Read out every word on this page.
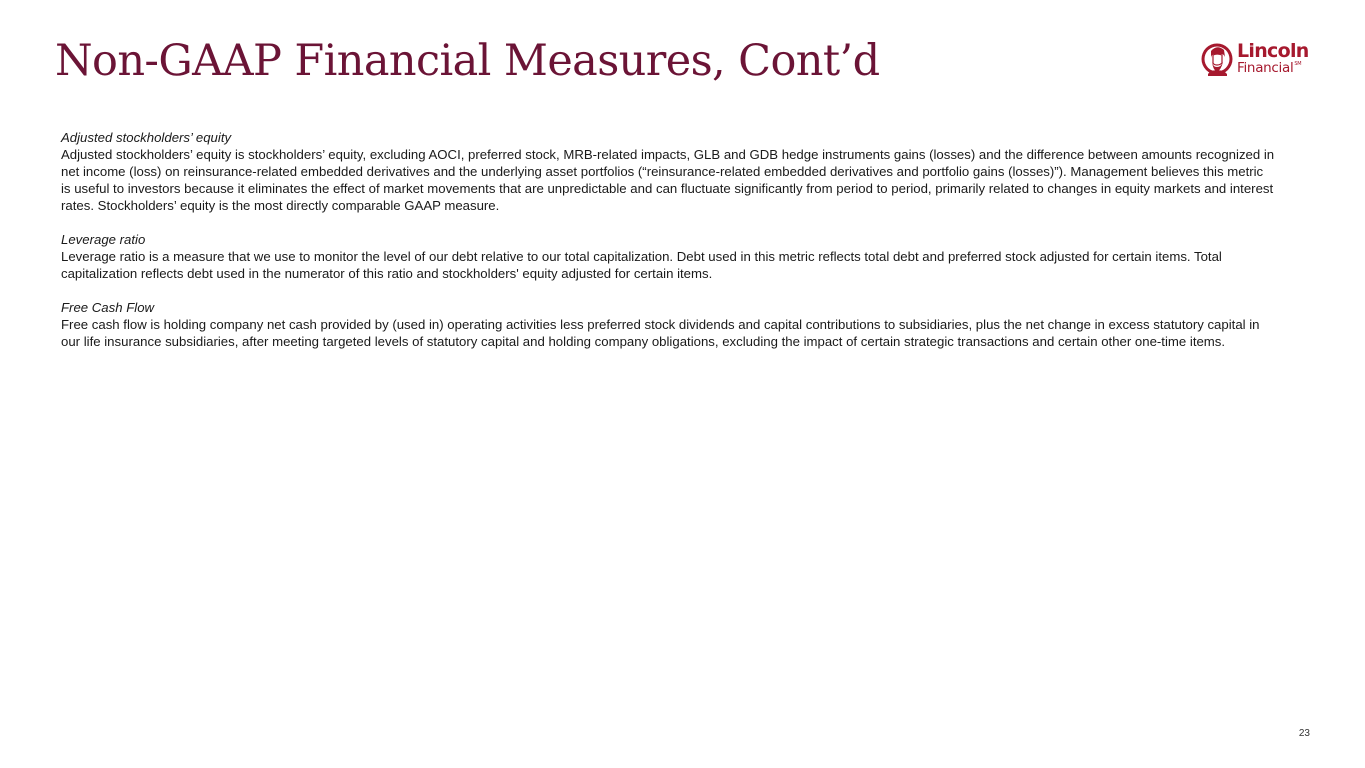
Non-GAAP Financial Measures, Cont’d	Lincoln
Financial℠

Adjusted stockholders’ equity

Adjusted stockholders’ equity is stockholders’ equity, excluding AOCI, preferred stock, MRB-related impacts, GLB and GDB hedge instruments gains (losses) and the difference between amounts recognized in net income (loss) on reinsurance-related embedded derivatives and the underlying asset portfolios (“reinsurance-related embedded derivatives and portfolio gains (losses)”). Management believes this metric is useful to investors because it eliminates the effect of market movements that are unpredictable and can fluctuate significantly from period to period, primarily related to changes in equity markets and interest rates. Stockholders’ equity is the most directly comparable GAAP measure.

Leverage ratio

Leverage ratio is a measure that we use to monitor the level of our debt relative to our total capitalization. Debt used in this metric reflects total debt and preferred stock adjusted for certain items. Total capitalization reflects debt used in the numerator of this ratio and stockholders' equity adjusted for certain items.

Free Cash Flow

Free cash flow is holding company net cash provided by (used in) operating activities less preferred stock dividends and capital contributions to subsidiaries, plus the net change in excess statutory capital in our life insurance subsidiaries, after meeting targeted levels of statutory capital and holding company obligations, excluding the impact of certain strategic transactions and certain other one-time items.

23
